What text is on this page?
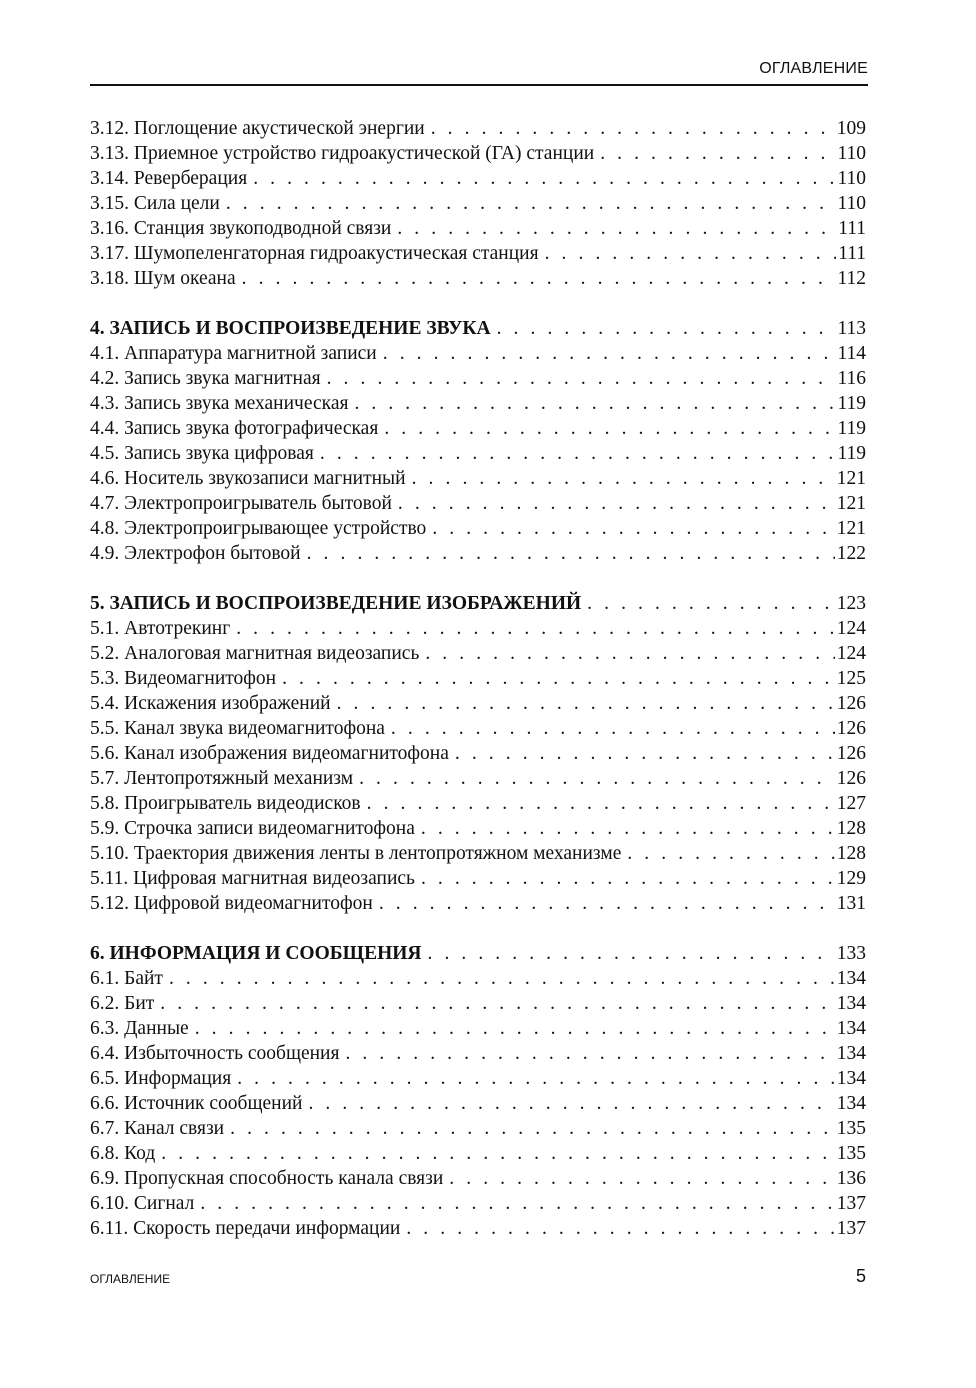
ОГЛАВЛЕНИЕ
3.12. Поглощение акустической энергии . . .	109
3.13. Приемное устройство гидроакустической (ГА) станции . . .	110
3.14. Реверберация . . .	110
3.15. Сила цели . . .	110
3.16. Станция звукоподводной связи . . .	111
3.17. Шумопеленгаторная гидроакустическая станция . . .	111
3.18. Шум океана . . .	112
4. ЗАПИСЬ И ВОСПРОИЗВЕДЕНИЕ ЗВУКА . . .	113
4.1. Аппаратура магнитной записи . . .	114
4.2. Запись звука магнитная . . .	116
4.3. Запись звука механическая . . .	119
4.4. Запись звука фотографическая . . .	119
4.5. Запись звука цифровая . . .	119
4.6. Носитель звукозаписи магнитный . . .	121
4.7. Электропроигрыватель бытовой . . .	121
4.8. Электропроигрывающее устройство . . .	121
4.9. Электрофон бытовой . . .	122
5. ЗАПИСЬ И ВОСПРОИЗВЕДЕНИЕ ИЗОБРАЖЕНИЙ . . .	123
5.1. Автотрекинг . . .	124
5.2. Аналоговая магнитная видеозапись . . .	124
5.3. Видеомагнитофон . . .	125
5.4. Искажения изображений . . .	126
5.5. Канал звука видеомагнитофона . . .	126
5.6. Канал изображения видеомагнитофона . . .	126
5.7. Лентопротяжный механизм . . .	126
5.8. Проигрыватель видеодисков . . .	127
5.9. Строчка записи видеомагнитофона . . .	128
5.10. Траектория движения ленты в лентопротяжном механизме . . .	128
5.11. Цифровая магнитная видеозапись . . .	129
5.12. Цифровой видеомагнитофон . . .	131
6. ИНФОРМАЦИЯ И СООБЩЕНИЯ . . .	133
6.1. Байт . . .	134
6.2. Бит . . .	134
6.3. Данные . . .	134
6.4. Избыточность сообщения . . .	134
6.5. Информация . . .	134
6.6. Источник сообщений . . .	134
6.7. Канал связи . . .	135
6.8. Код . . .	135
6.9. Пропускная способность канала связи . . .	136
6.10. Сигнал . . .	137
6.11. Скорость передачи информации . . .	137
ОГЛАВЛЕНИЕ	5
